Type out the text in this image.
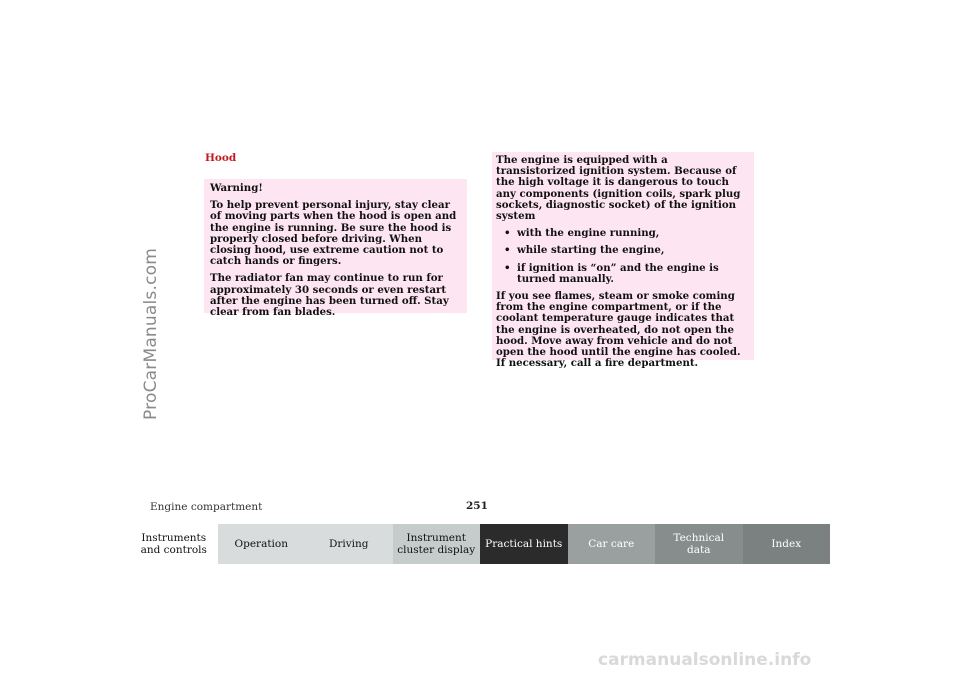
ProCarManuals.com
Hood

Warning!

To help prevent personal injury, stay clear of moving parts when the hood is open and the engine is running. Be sure the hood is properly closed before driving. When closing hood, use extreme caution not to catch hands or fingers.

The radiator fan may continue to run for approximately 30 seconds or even restart after the engine has been turned off. Stay clear from fan blades.

The engine is equipped with a transistorized ignition system. Because of the high voltage it is dangerous to touch any components (ignition coils, spark plug sockets, diagnostic socket) of the ignition system

• with the engine running,
• while starting the engine,
• if ignition is “on” and the engine is turned manually.

If you see flames, steam or smoke coming from the engine compartment, or if the coolant temperature gauge indicates that the engine is overheated, do not open the hood. Move away from vehicle and do not open the hood until the engine has cooled. If necessary, call a fire department.

Engine compartment	251
Instruments and controls	Operation	Driving	Instrument cluster display Practical hints Car care	Technical data	Index
carmanualsonline.info
